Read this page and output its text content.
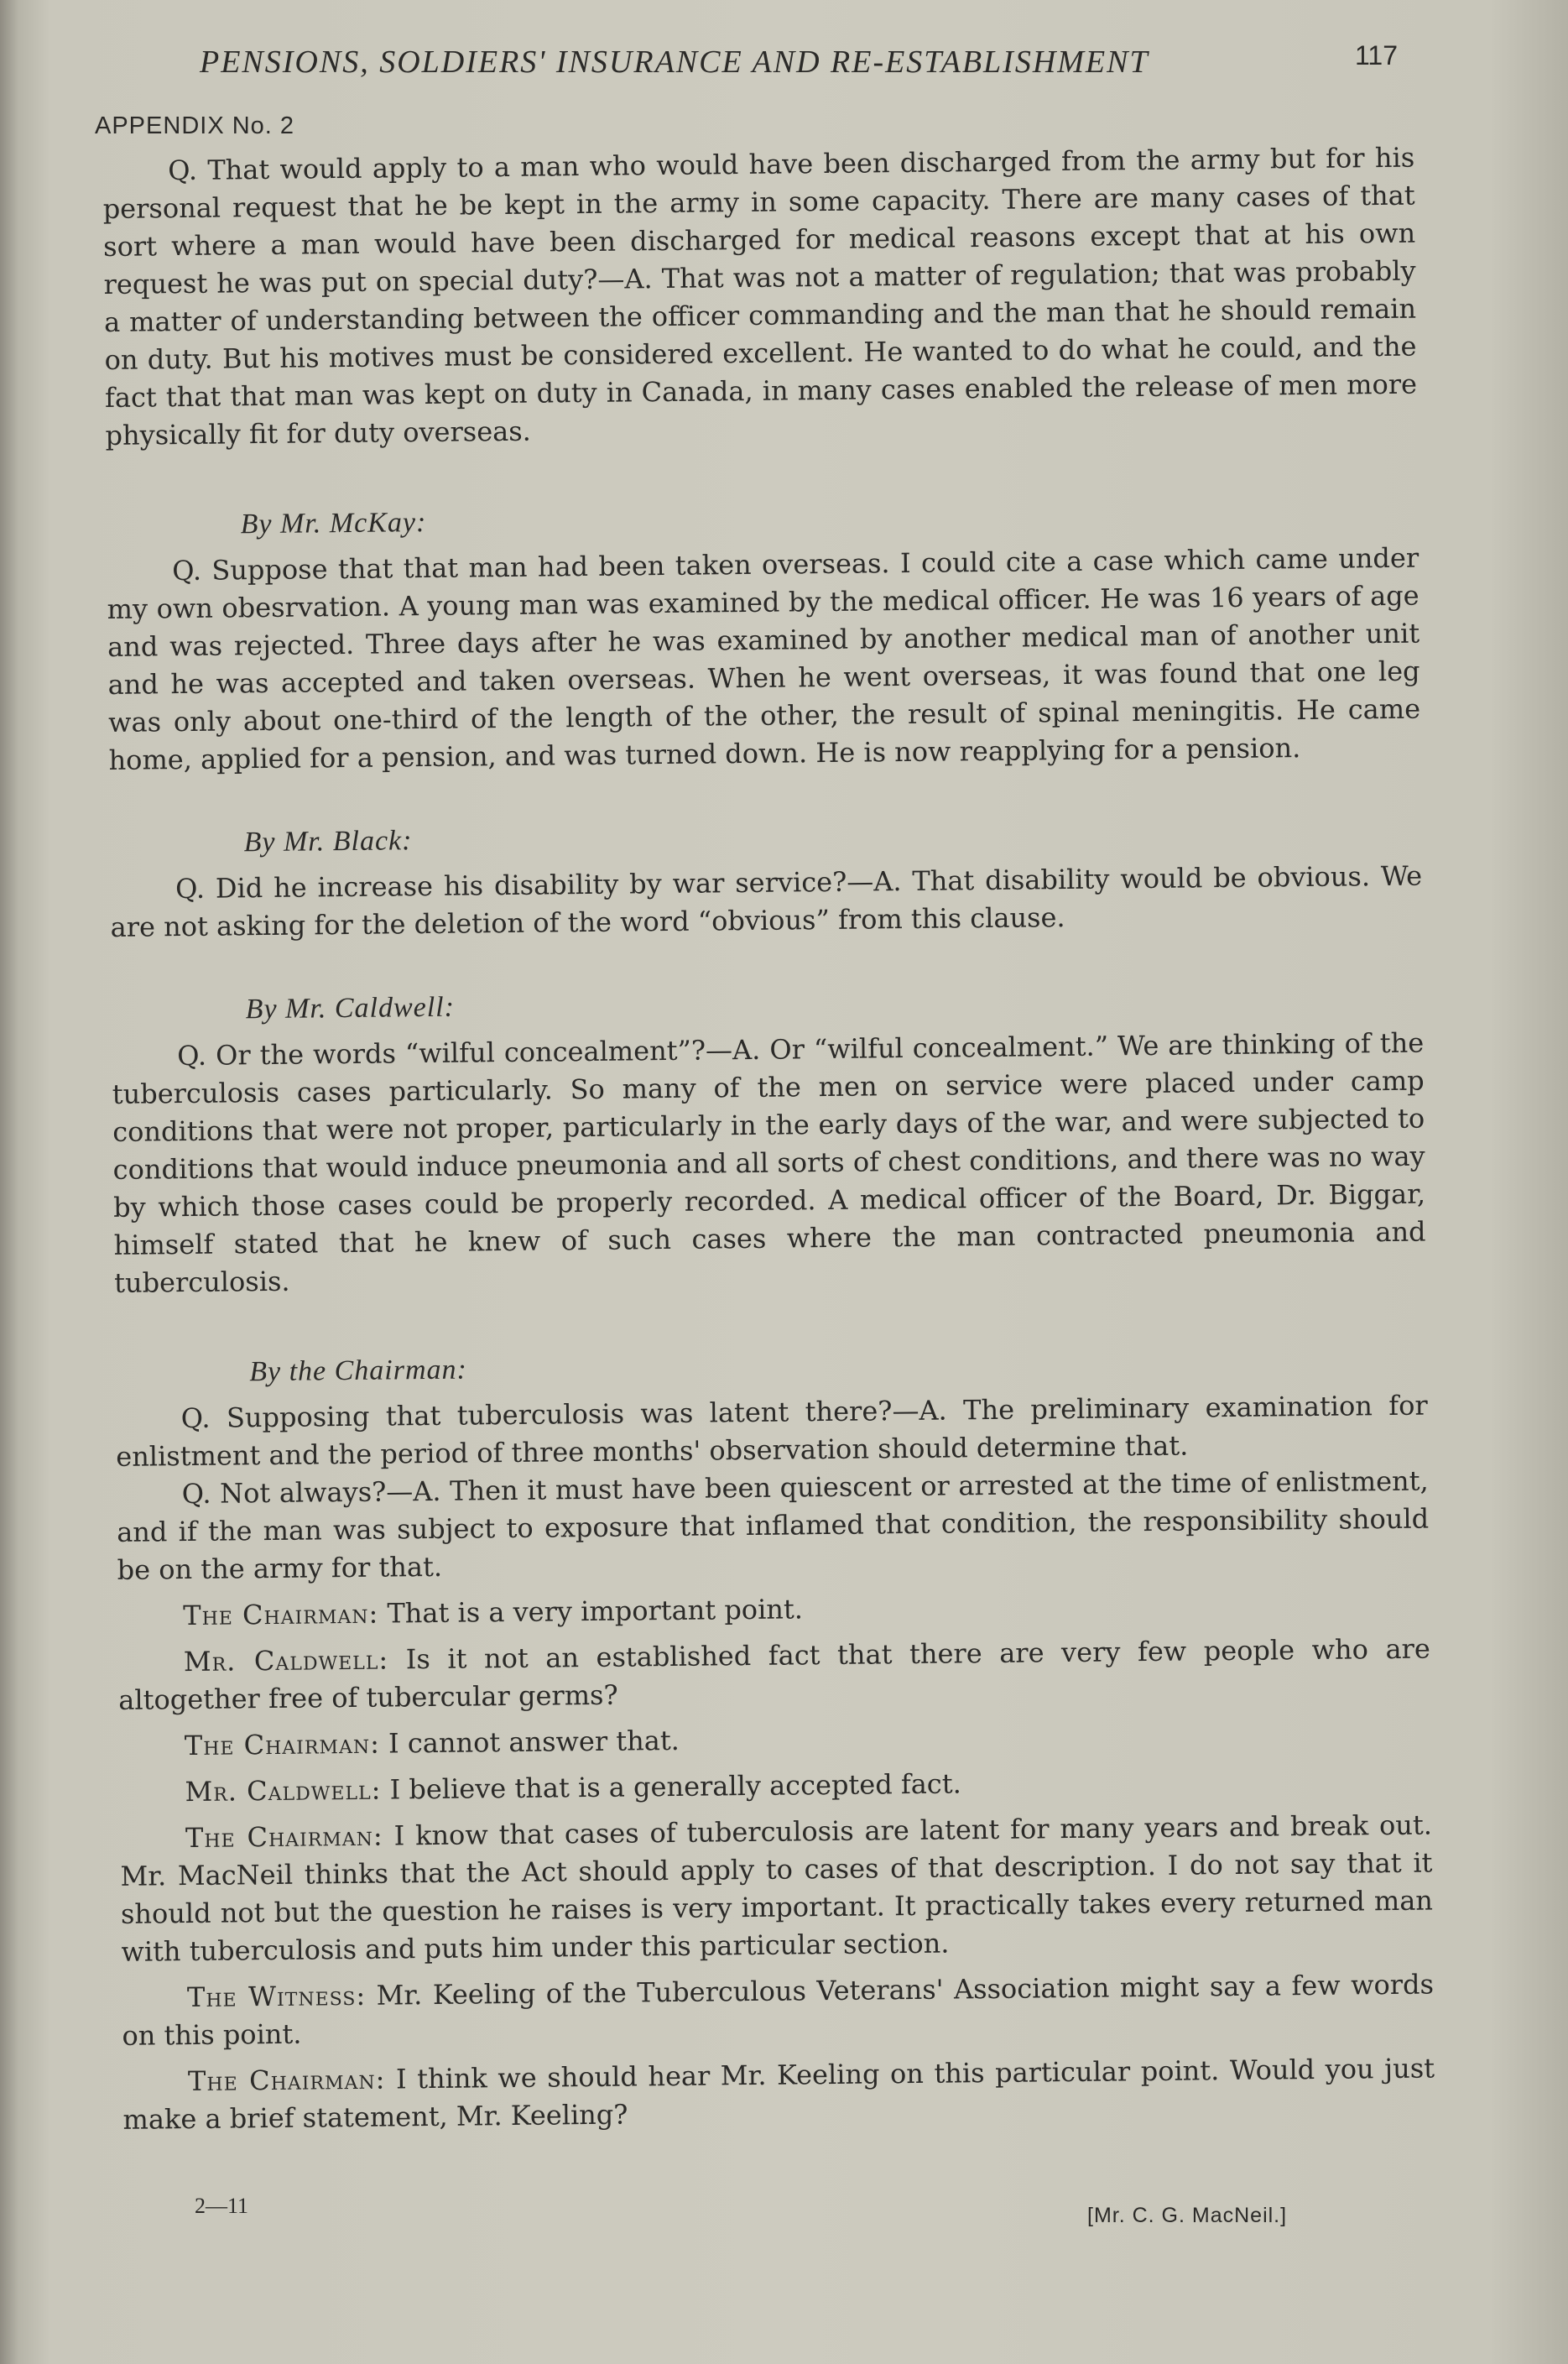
PENSIONS, SOLDIERS' INSURANCE AND RE-ESTABLISHMENT	117
APPENDIX No. 2

Q. That would apply to a man who would have been discharged from the army but for his personal request that he be kept in the army in some capacity. There are many cases of that sort where a man would have been discharged for medical reasons except that at his own request he was put on special duty?—A. That was not a matter of regulation; that was probably a matter of understanding between the officer commanding and the man that he should remain on duty. But his motives must be considered excellent. He wanted to do what he could, and the fact that that man was kept on duty in Canada, in many cases enabled the release of men more physically fit for duty overseas.

By Mr. McKay:

Q. Suppose that that man had been taken overseas. I could cite a case which came under my own obesrvation. A young man was examined by the medical officer. He was 16 years of age and was rejected. Three days after he was examined by another medical man of another unit and he was accepted and taken overseas. When he went overseas, it was found that one leg was only about one-third of the length of the other, the result of spinal meningitis. He came home, applied for a pension, and was turned down. He is now reapplying for a pension.

By Mr. Black:

Q. Did he increase his disability by war service?—A. That disability would be obvious. We are not asking for the deletion of the word “obvious” from this clause.

By Mr. Caldwell:

Q. Or the words “wilful concealment”?—A. Or “wilful concealment.” We are thinking of the tuberculosis cases particularly. So many of the men on service were placed under camp conditions that were not proper, particularly in the early days of the war, and were subjected to conditions that would induce pneumonia and all sorts of chest conditions, and there was no way by which those cases could be properly recorded. A medical officer of the Board, Dr. Biggar, himself stated that he knew of such cases where the man contracted pneumonia and tuberculosis.

By the Chairman:

Q. Supposing that tuberculosis was latent there?—A. The preliminary examination for enlistment and the period of three months' observation should determine that.

Q. Not always?—A. Then it must have been quiescent or arrested at the time of enlistment, and if the man was subject to exposure that inflamed that condition, the responsibility should be on the army for that.

The Chairman: That is a very important point.

Mr. Caldwell: Is it not an established fact that there are very few people who are altogether free of tubercular germs?

The Chairman: I cannot answer that.

Mr. Caldwell: I believe that is a generally accepted fact.

The Chairman: I know that cases of tuberculosis are latent for many years and break out. Mr. MacNeil thinks that the Act should apply to cases of that description. I do not say that it should not but the question he raises is very important. It practically takes every returned man with tuberculosis and puts him under this particular section.

The Witness: Mr. Keeling of the Tuberculous Veterans' Association might say a few words on this point.

The Chairman: I think we should hear Mr. Keeling on this particular point. Would you just make a brief statement, Mr. Keeling?

2—11	[Mr. C. G. MacNeil.]
